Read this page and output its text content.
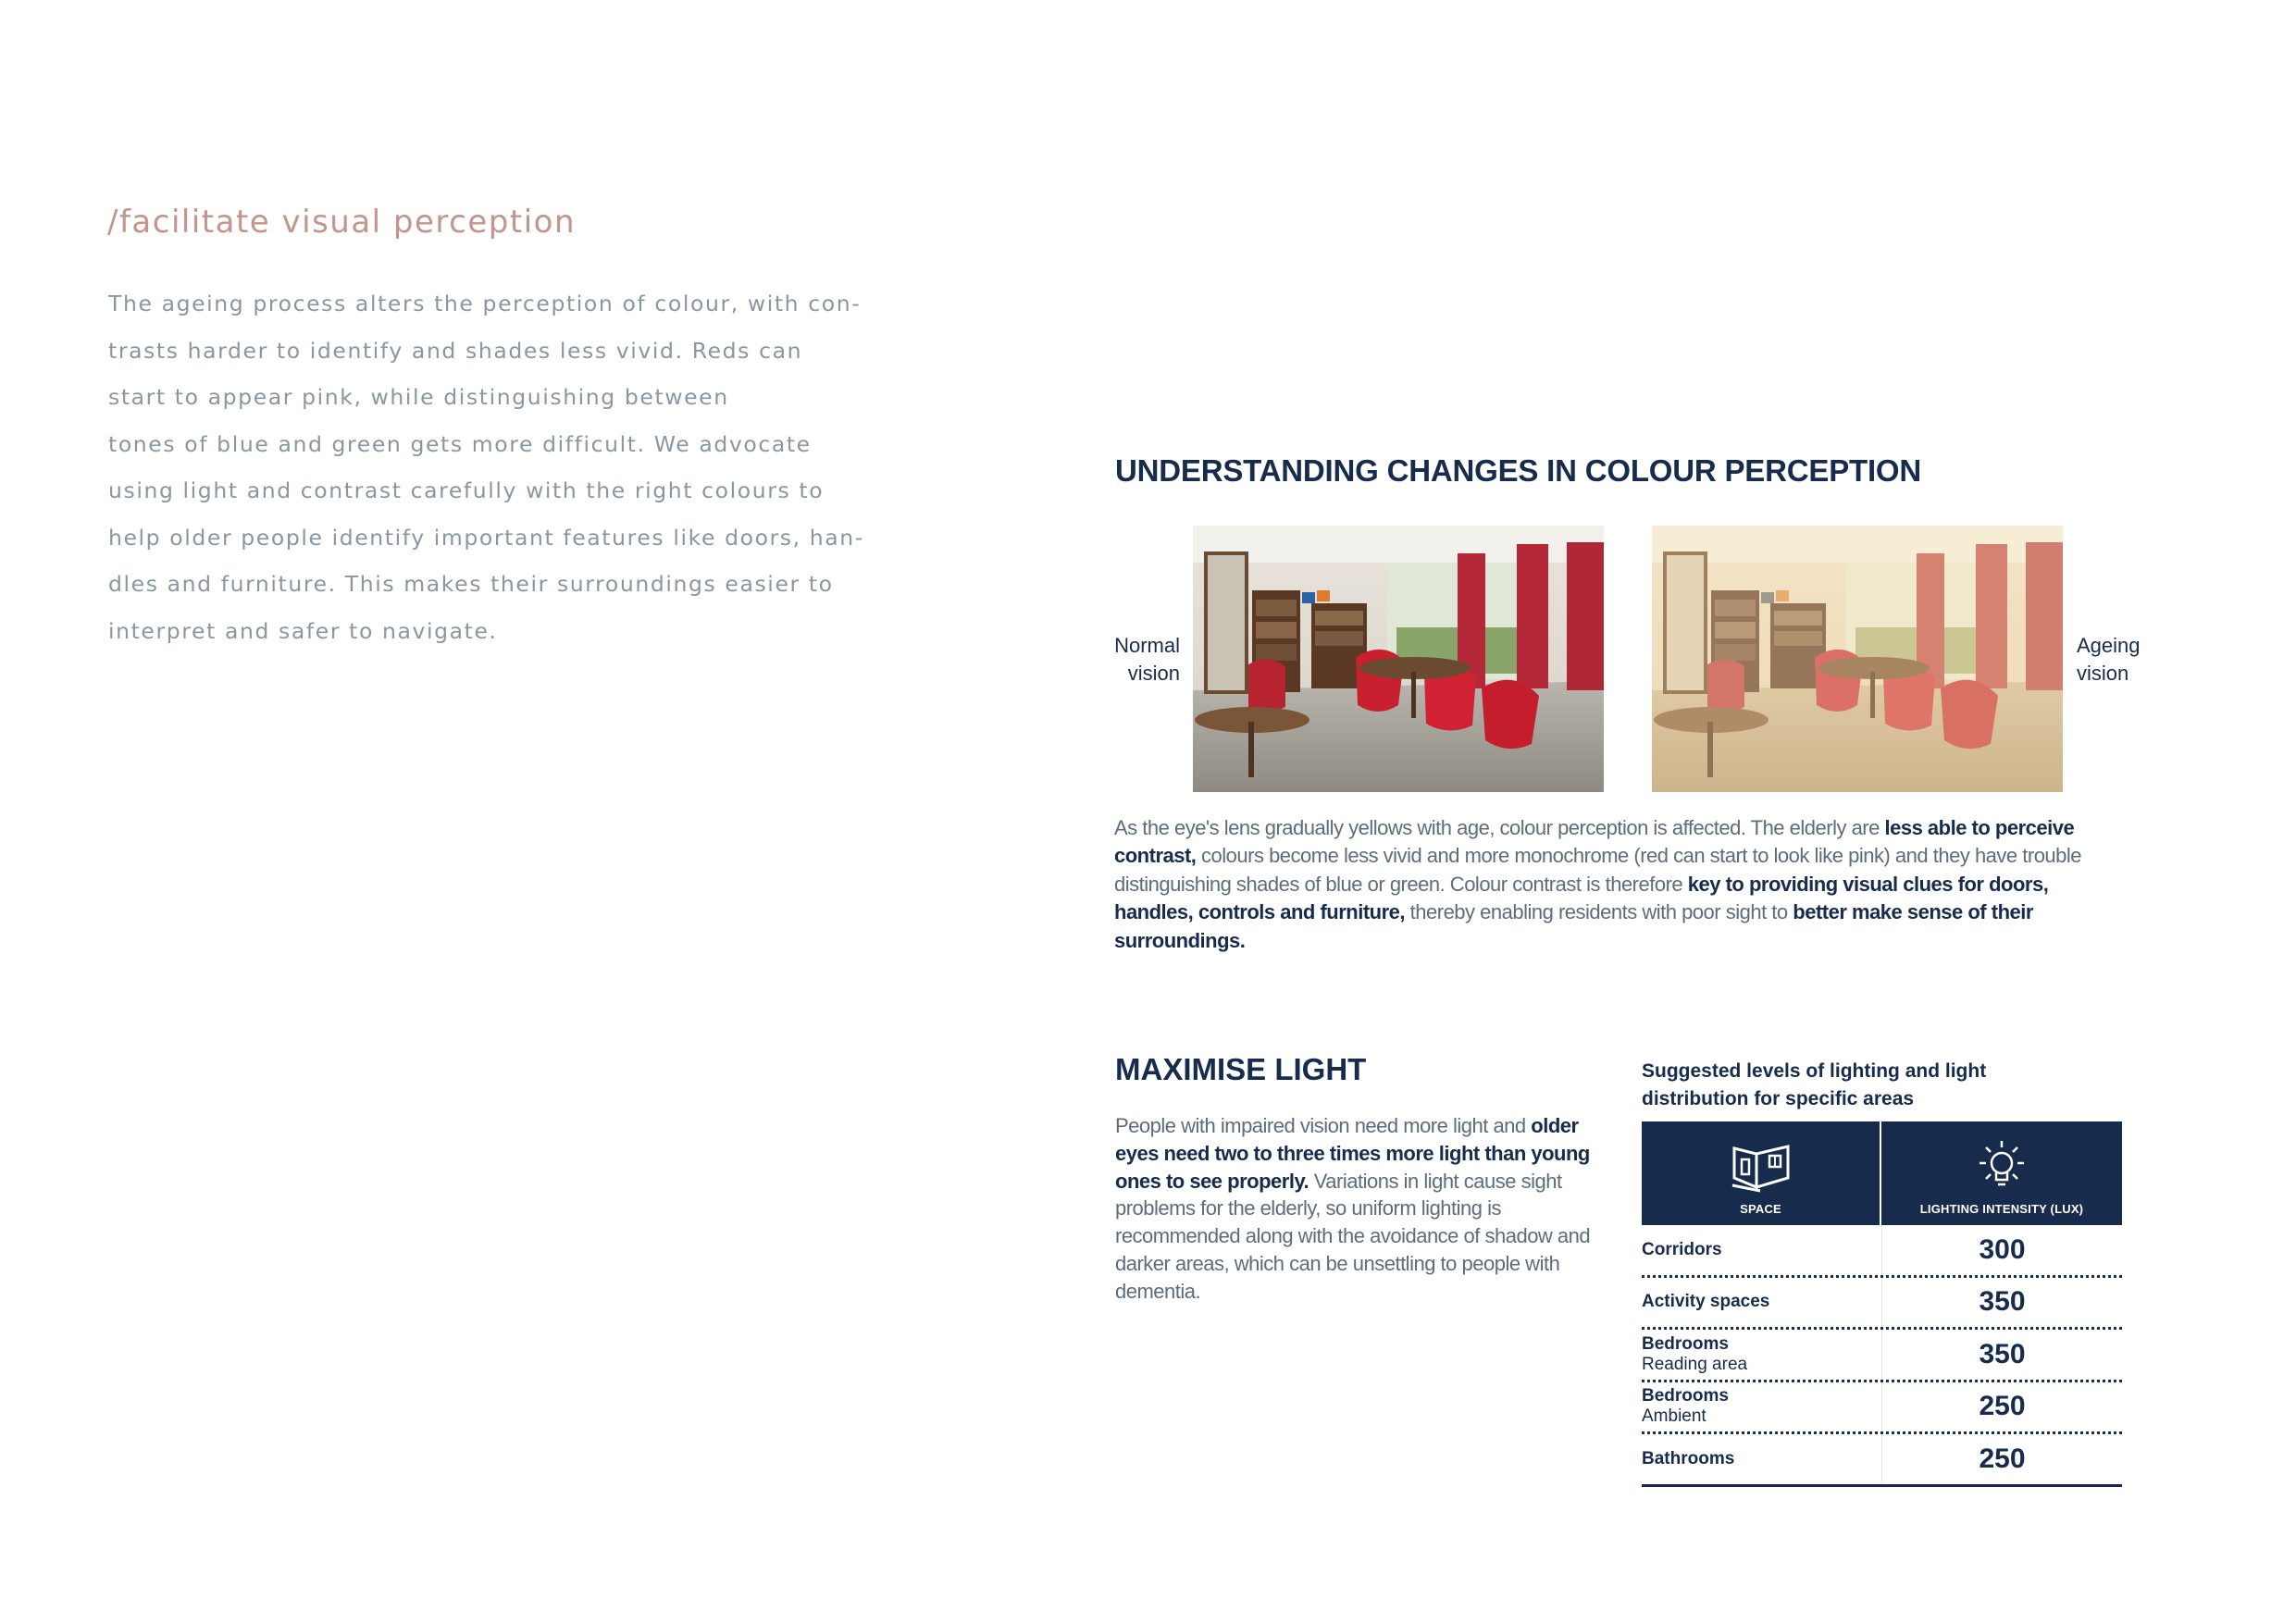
/facilitate visual perception
The ageing process alters the perception of colour, with con-
trasts harder to identify and shades less vivid. Reds can
start to appear pink, while distinguishing between
tones of blue and green gets more difficult. We advocate
using light and contrast carefully with the right colours to
help older people identify important features like doors, han-
dles and furniture. This makes their surroundings easier to
interpret and safer to navigate.
UNDERSTANDING CHANGES IN COLOUR PERCEPTION
Normal
vision
Ageing
vision
As the eye's lens gradually yellows with age, colour perception is affected. The elderly are less able to perceive contrast, colours become less vivid and more monochrome (red can start to look like pink) and they have trouble distinguishing shades of blue or green. Colour contrast is therefore key to providing visual clues for doors, handles, controls and furniture, thereby enabling residents with poor sight to better make sense of their surroundings.
MAXIMISE LIGHT
People with impaired vision need more light and older eyes need two to three times more light than young ones to see properly. Variations in light cause sight problems for the elderly, so uniform lighting is recommended along with the avoidance of shadow and darker areas, which can be unsettling to people with dementia.
Suggested levels of lighting and light distribution for specific areas
SPACE	LIGHTING INTENSITY (LUX)
Corridors	300
Activity spaces	350
Bedrooms
Reading area	350
Bedrooms
Ambient	250
Bathrooms	250
